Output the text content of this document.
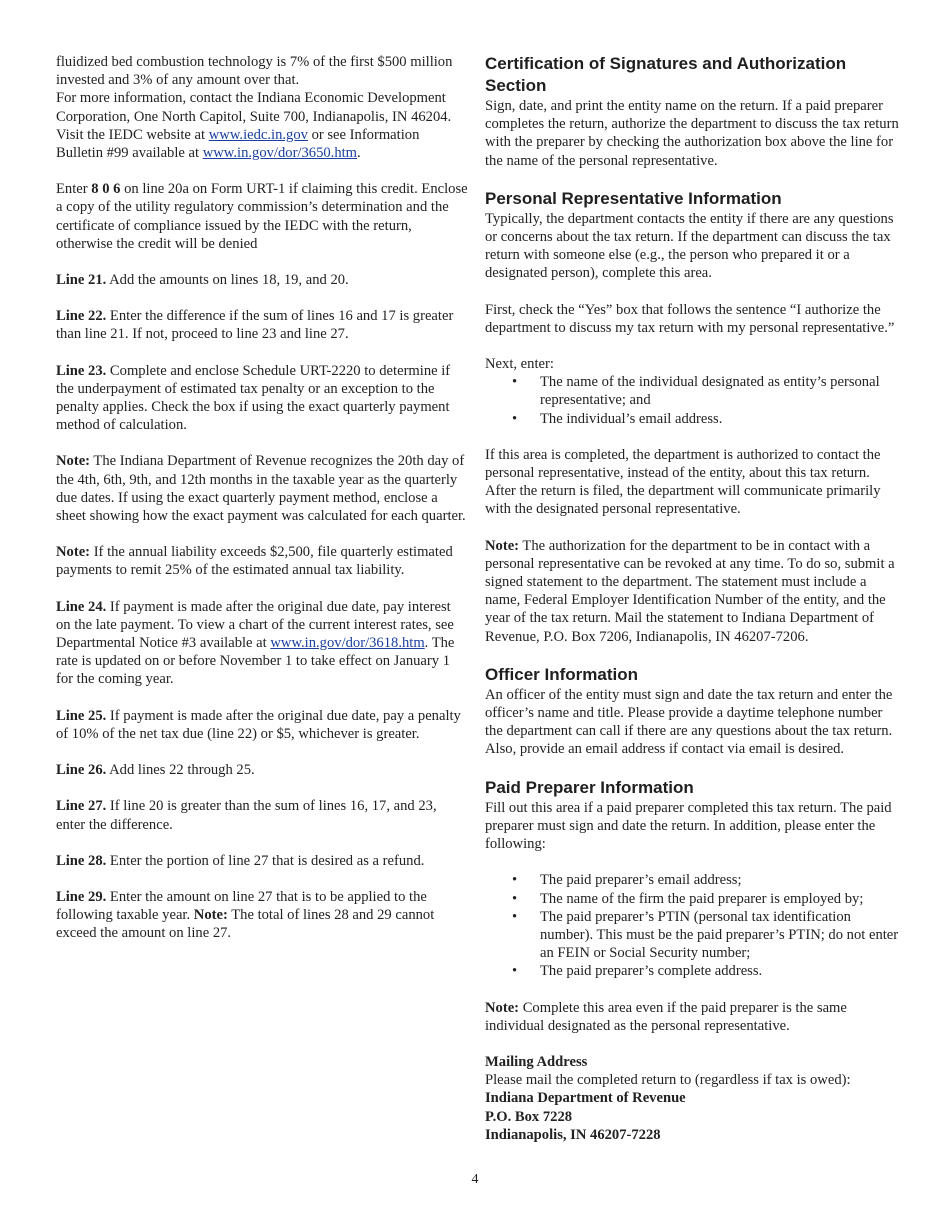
fluidized bed combustion technology is 7% of the first $500 million invested and 3% of any amount over that.
For more information, contact the Indiana Economic Development Corporation, One North Capitol, Suite 700, Indianapolis, IN 46204. Visit the IEDC website at www.iedc.in.gov or see Information Bulletin #99 available at www.in.gov/dor/3650.htm.

Enter 8 0 6 on line 20a on Form URT-1 if claiming this credit. Enclose a copy of the utility regulatory commission’s determination and the certificate of compliance issued by the IEDC with the return, otherwise the credit will be denied

Line 21. Add the amounts on lines 18, 19, and 20.

Line 22. Enter the difference if the sum of lines 16 and 17 is greater than line 21. If not, proceed to line 23 and line 27.

Line 23. Complete and enclose Schedule URT-2220 to determine if the underpayment of estimated tax penalty or an exception to the penalty applies. Check the box if using the exact quarterly payment method of calculation.

Note: The Indiana Department of Revenue recognizes the 20th day of the 4th, 6th, 9th, and 12th months in the taxable year as the quarterly due dates. If using the exact quarterly payment method, enclose a sheet showing how the exact payment was calculated for each quarter.

Note: If the annual liability exceeds $2,500, file quarterly estimated payments to remit 25% of the estimated annual tax liability.

Line 24. If payment is made after the original due date, pay interest on the late payment. To view a chart of the current interest rates, see Departmental Notice #3 available at www.in.gov/dor/3618.htm. The rate is updated on or before November 1 to take effect on January 1 for the coming year.

Line 25. If payment is made after the original due date, pay a penalty of 10% of the net tax due (line 22) or $5, whichever is greater.

Line 26. Add lines 22 through 25.

Line 27. If line 20 is greater than the sum of lines 16, 17, and 23, enter the difference.

Line 28. Enter the portion of line 27 that is desired as a refund.

Line 29. Enter the amount on line 27 that is to be applied to the following taxable year. Note: The total of lines 28 and 29 cannot exceed the amount on line 27.

Certification of Signatures and Authorization Section

Sign, date, and print the entity name on the return. If a paid preparer completes the return, authorize the department to discuss the tax return with the preparer by checking the authorization box above the line for the name of the personal representative.

Personal Representative Information

Typically, the department contacts the entity if there are any questions or concerns about the tax return. If the department can discuss the tax return with someone else (e.g., the person who prepared it or a designated person), complete this area.

First, check the “Yes” box that follows the sentence “I authorize the department to discuss my tax return with my personal representative.”

Next, enter:

• The name of the individual designated as entity’s personal representative; and
• The individual’s email address.

If this area is completed, the department is authorized to contact the personal representative, instead of the entity, about this tax return. After the return is filed, the department will communicate primarily with the designated personal representative.

Note: The authorization for the department to be in contact with a personal representative can be revoked at any time. To do so, submit a signed statement to the department. The statement must include a name, Federal Employer Identification Number of the entity, and the year of the tax return. Mail the statement to Indiana Department of Revenue, P.O. Box 7206, Indianapolis, IN 46207-7206.

Officer Information

An officer of the entity must sign and date the tax return and enter the officer’s name and title. Please provide a daytime telephone number the department can call if there are any questions about the tax return. Also, provide an email address if contact via email is desired.

Paid Preparer Information

Fill out this area if a paid preparer completed this tax return. The paid preparer must sign and date the return. In addition, please enter the following:

• The paid preparer’s email address;
• The name of the firm the paid preparer is employed by;
• The paid preparer’s PTIN (personal tax identification number). This must be the paid preparer’s PTIN; do not enter an FEIN or Social Security number;
• The paid preparer’s complete address.

Note: Complete this area even if the paid preparer is the same individual designated as the personal representative.

Mailing Address

Please mail the completed return to (regardless if tax is owed):

Indiana Department of Revenue

P.O. Box 7228

Indianapolis, IN 46207-7228

4
